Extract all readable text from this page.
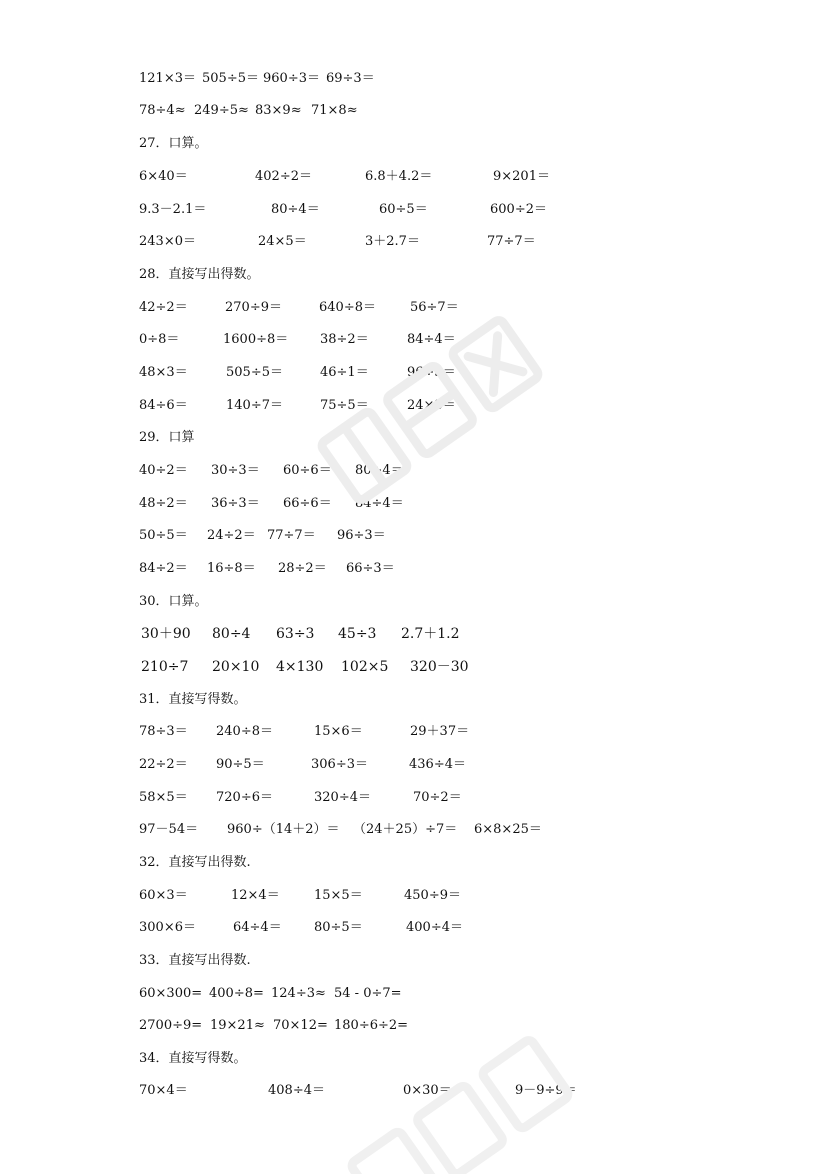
121×3＝ 505÷5＝ 960÷3＝ 69÷3＝
78÷4≈ 249÷5≈ 83×9≈ 71×8≈
27．口算。
6×40＝	402÷2＝	6.8＋4.2＝	9×201＝
9.3－2.1＝	80÷4＝	60÷5＝	600÷2＝
243×0＝	24×5＝	3＋2.7＝	77÷7＝
28．直接写出得数。
42÷2＝	270÷9＝	640÷8＝	56÷7＝
0÷8＝	1600÷8＝ 38÷2＝	84÷4＝
48×3＝	505÷5＝	46÷1＝	96÷3＝
84÷6＝	140÷7＝	75÷5＝	24×3＝
29．口算
40÷2＝ 30÷3＝ 60÷6＝ 80÷4＝
48÷2＝ 36÷3＝ 66÷6＝ 84÷4＝
50÷5＝ 24÷2＝ 77÷7＝ 96÷3＝
84÷2＝ 16÷8＝ 28÷2＝ 66÷3＝
30．口算。
30＋90 80÷4 63÷3 45÷3 2.7＋1.2
210÷7 20×10 4×130 102×5 320－30
31．直接写得数。
78÷3＝ 240÷8＝	15×6＝	29＋37＝
22÷2＝ 90÷5＝	306÷3＝	436÷4＝
58×5＝ 720÷6＝	320÷4＝	70÷2＝
97－54＝ 960÷（14＋2）＝ （24＋25）÷7＝ 6×8×25＝
32．直接写出得数.
60×3＝	12×4＝	15×5＝	450÷9＝
300×6＝	64÷4＝ 80÷5＝	400÷4＝
33．直接写出得数.
60×300= 400÷8= 124÷3≈ 54 - 0÷7=
2700÷9= 19×21≈ 70×12= 180÷6÷2=
34．直接写得数。
70×4＝	408÷4＝	0×30＝	9－9÷9＝
